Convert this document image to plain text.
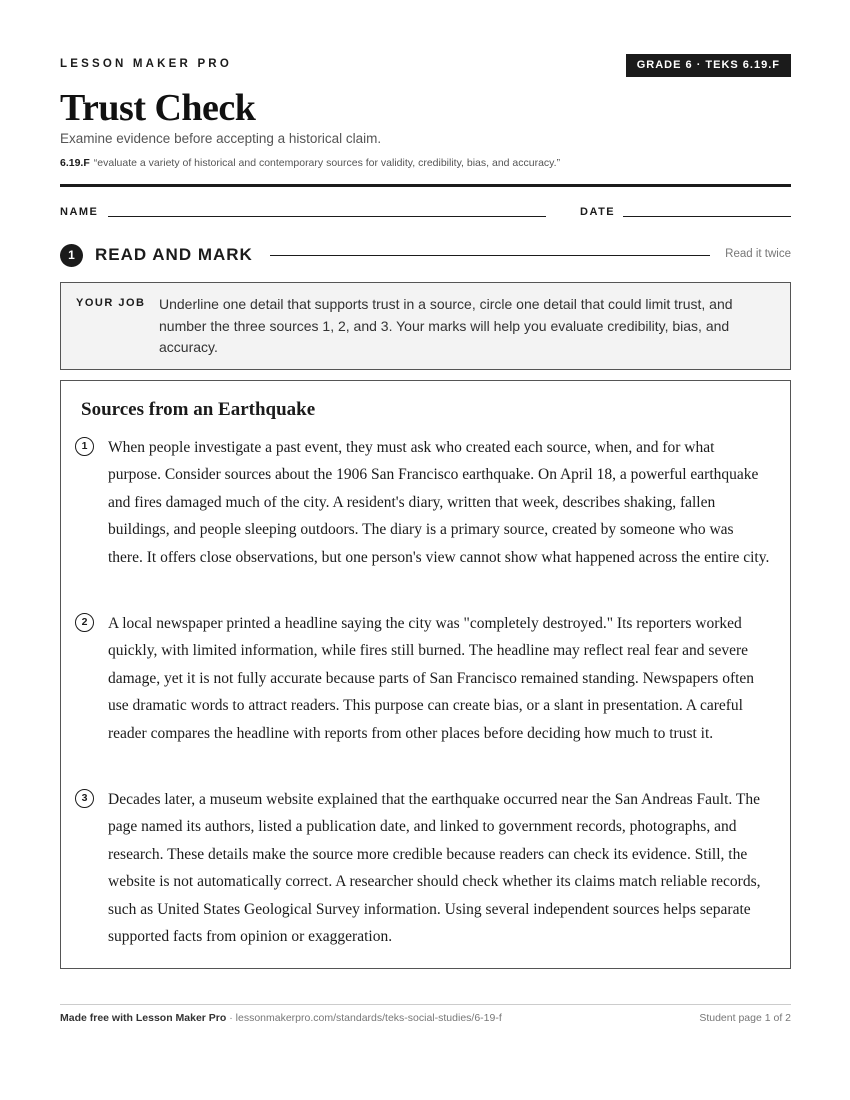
LESSON MAKER PRO	GRADE 6 · TEKS 6.19.F
Trust Check
Examine evidence before accepting a historical claim.
6.19.F “evaluate a variety of historical and contemporary sources for validity, credibility, bias, and accuracy.”
NAME	DATE
1	READ AND MARK	Read it twice
YOUR JOB Underline one detail that supports trust in a source, circle one detail that could limit trust, and number the three sources 1, 2, and 3. Your marks will help you evaluate credibility, bias, and accuracy.
Sources from an Earthquake
1	When people investigate a past event, they must ask who created each source, when, and for what purpose. Consider sources about the 1906 San Francisco earthquake. On April 18, a powerful earthquake and fires damaged much of the city. A resident's diary, written that week, describes shaking, fallen buildings, and people sleeping outdoors. The diary is a primary source, created by someone who was there. It offers close observations, but one person's view cannot show what happened across the entire city.

2	A local newspaper printed a headline saying the city was "completely destroyed." Its reporters worked quickly, with limited information, while fires still burned. The headline may reflect real fear and severe damage, yet it is not fully accurate because parts of San Francisco remained standing. Newspapers often use dramatic words to attract readers. This purpose can create bias, or a slant in presentation. A careful reader compares the headline with reports from other places before deciding how much to trust it.

3	Decades later, a museum website explained that the earthquake occurred near the San Andreas Fault. The page named its authors, listed a publication date, and linked to government records, photographs, and research. These details make the source more credible because readers can check its evidence. Still, the website is not automatically correct. A researcher should check whether its claims match reliable records, such as United States Geological Survey information. Using several independent sources helps separate supported facts from opinion or exaggeration.

Made free with Lesson Maker Pro · lessonmakerpro.com/standards/teks-social-studies/6-19-f	Student page 1 of 2
